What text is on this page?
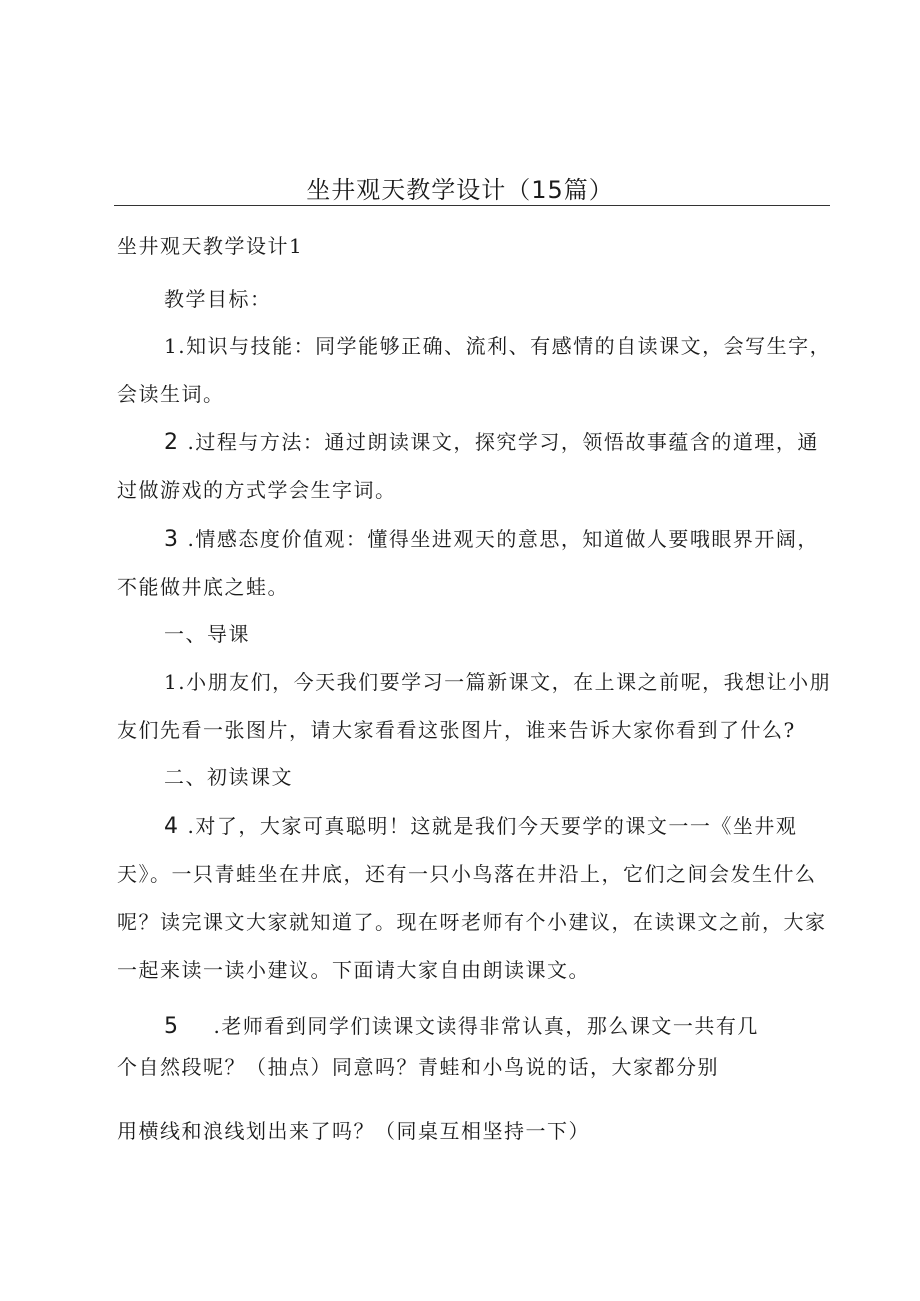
坐井观天教学设计（15篇）
坐井观天教学设计1
教学目标：
1.知识与技能：同学能够正确、流利、有感情的自读课文，会写生字，
会读生词。
2 .过程与方法：通过朗读课文，探究学习，领悟故事蕴含的道理，通
过做游戏的方式学会生字词。
3 .情感态度价值观：懂得坐进观天的意思，知道做人要哦眼界开阔，
不能做井底之蛙。
一、导课
1.小朋友们，今天我们要学习一篇新课文，在上课之前呢，我想让小朋
友们先看一张图片，请大家看看这张图片，谁来告诉大家你看到了什么?
二、初读课文
4 .对了，大家可真聪明！这就是我们今天要学的课文一一《坐井观
天》。一只青蛙坐在井底，还有一只小鸟落在井沿上，它们之间会发生什么
呢？读完课文大家就知道了。现在呀老师有个小建议，在读课文之前，大家
一起来读一读小建议。下面请大家自由朗读课文。
5 .老师看到同学们读课文读得非常认真，那么课文一共有几
个自然段呢？（抽点）同意吗？青蛙和小鸟说的话，大家都分别
用横线和浪线划出来了吗？（同桌互相坚持一下）
